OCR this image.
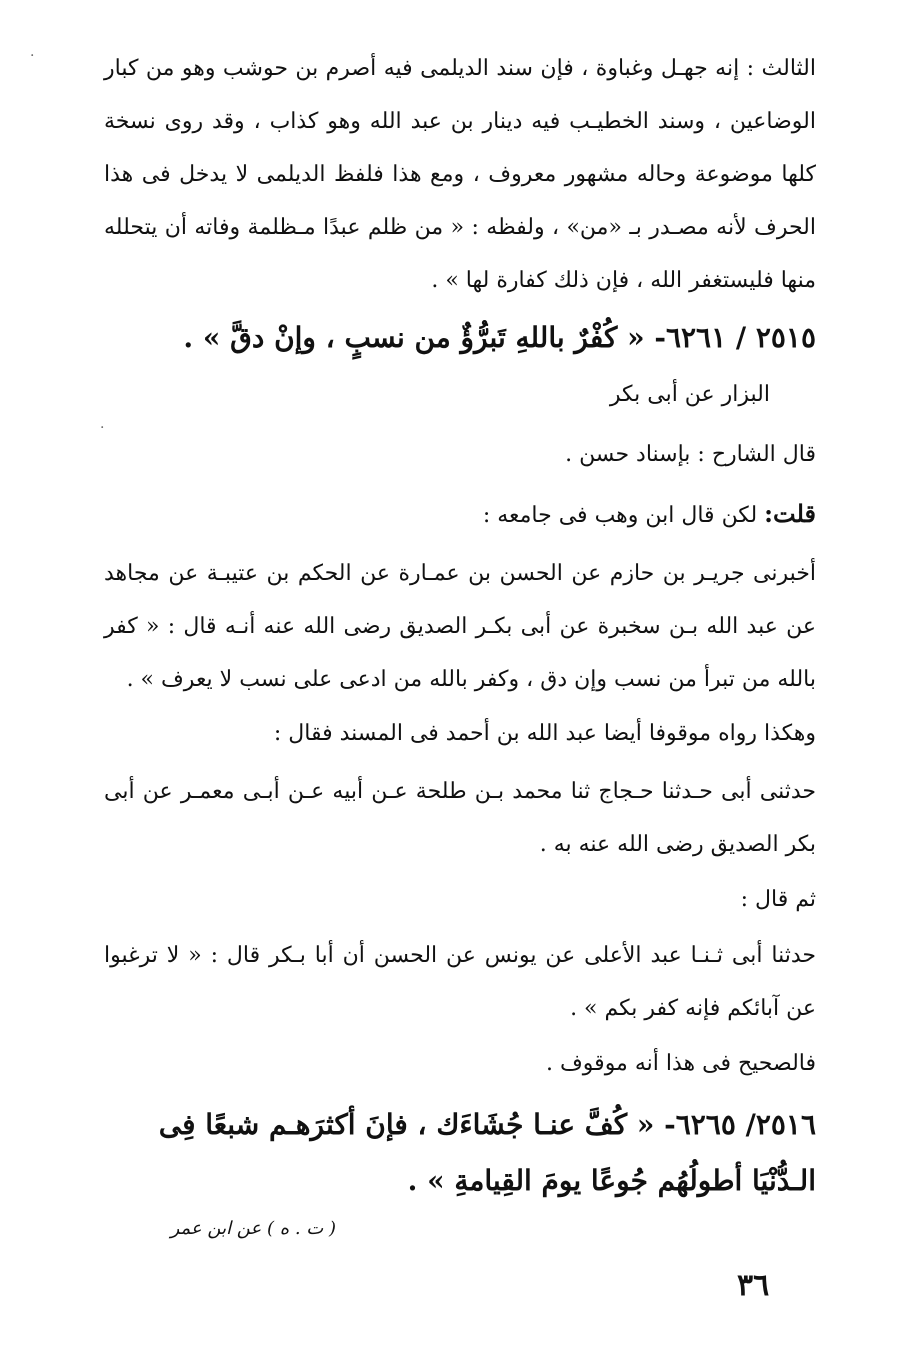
الثالث : إنه جهـل وغباوة ، فإن سند الديلمى فيه أصرم بن حوشب وهو من كبار الوضاعين ، وسند الخطيـب فيه دينار بن عبد الله وهو كذاب ، وقد روى نسخة كلها موضوعة وحاله مشهور معروف ، ومع هذا فلفظ الديلمى لا يدخل فى هذا الحرف لأنه مصـدر بـ «من» ، ولفظه : « من ظلم عبدًا مـظلمة وفاته أن يتحلله منها فليستغفر الله ، فإن ذلك كفارة لها » .
٢٥١٥ / ٦٢٦١- « كُفْرٌ باللهِ تَبرُّؤٌ من نسبٍ ، وإنْ دقَّ » .
البزار عن أبى بكر
قال الشارح : بإسناد حسن .
قلت: لكن قال ابن وهب فى جامعه :
أخبرنى جريـر بن حازم عن الحسن بن عمـارة عن الحكم بن عتيبـة عن مجاهد عن عبد الله بـن سخبرة عن أبى بكـر الصديق رضى الله عنه أنـه قال : « كفر بالله من تبرأ من نسب وإن دق ، وكفر بالله من ادعى على نسب لا يعرف » .
وهكذا رواه موقوفا أيضا عبد الله بن أحمد فى المسند فقال :
حدثنى أبى حـدثنا حـجاج ثنا محمد بـن طلحة عـن أبيه عـن أبـى معمـر عن أبى بكر الصديق رضى الله عنه به .
ثم قال :
حدثنا أبى ثـنـا عبد الأعلى عن يونس عن الحسن أن أبا بـكر قال : « لا ترغبوا عن آبائكم فإنه كفر بكم » .
فالصحيح فى هذا أنه موقوف .
٢٥١٦/ ٦٢٦٥- « كُفَّ عنـا جُشَاءَك ، فإنَ أكثرَهـم شبعًا فِى الـدُّنْيَا أطولُهُم جُوعًا يومَ القِيامةِ » .
( ت . ه ) عن ابن عمر
٣٦
·
·
